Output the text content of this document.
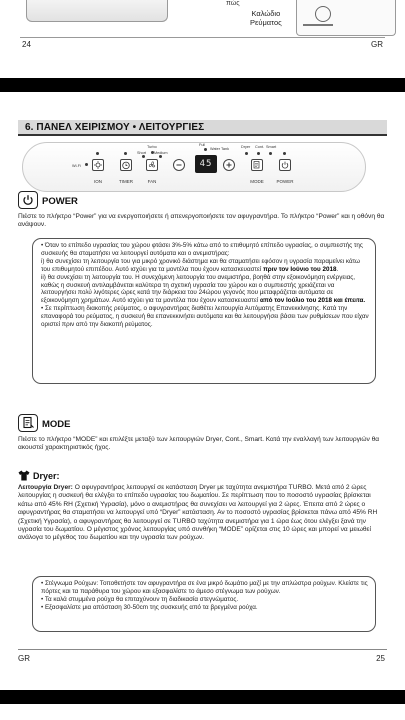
πώς
Καλώδιο
Ρεύματος
24	GR
6. ΠΑΝΕΛ ΧΕΙΡΙΣΜΟΥ • ΛΕΙΤΟΥΡΓΙΕΣ
Wi-Fi
ION	TIMER
Turbo
Short Medium
FAN
Full
Water Tank
45
Dryer Cont. Smart
MODE	POWER
POWER
Πιέστε το πλήκτρο “Power” για να ενεργοποιήσετε ή απενεργοποιήσετε τον αφυγραντήρα. Το πλήκτρο “Power” και η οθόνη θα ανάψουν.

• Όταν το επίπεδο υγρασίας του χώρου φτάσει 3%-5% κάτω από το επιθυμητό επίπεδο υγρασίας, ο συμπιεστής της συσκευής θα σταματήσει να λειτουργεί αυτόματα και ο ανεμιστήρας:

i) θα συνεχίσει τη λειτουργία του για μικρό χρονικό διάστημα και θα σταματήσει εφόσον η υγρασία παραμείνει κάτω του επιθυμητού επιπέδου. Αυτό ισχύει για τα μοντέλα που έχουν κατασκευαστεί πριν τον Ιούνιο του 2018.

ii) θα συνεχίσει τη λειτουργία του. Η συνεχόμενη λειτουργία του ανεμιστήρα, βοηθά στην εξοικονόμηση ενέργειας, καθώς η συσκευή αντιλαμβάνεται καλύτερα τη σχετική υγρασία του χώρου και ο συμπιεστής χρειάζεται να λειτουργήσει πολύ λιγότερες ώρες κατά την διάρκεια του 24ώρου γεγονός που μεταφράζεται αυτόματα σε εξοικονόμηση χρημάτων. Αυτό ισχύει για τα μοντέλα που έχουν κατασκευαστεί από τον Ιούλιο του 2018 και έπειτα.

• Σε περίπτωση διακοπής ρεύματος, ο αφυγραντήρας διαθέτει λειτουργία Αυτόματης Επανεκκίνησης. Κατά την επαναφορά του ρεύματος, η συσκευή θα επανεκκινήσει αυτόματα και θα λειτουργήσει βάσει των ρυθμίσεων που είχαν οριστεί πριν από την διακοπή ρεύματος.

MODE
Πιέστε το πλήκτρο “MODE” και επιλέξτε μεταξύ των λειτουργιών Dryer, Cont., Smart. Κατά την εναλλαγή των λειτουργιών θα ακουστεί χαρακτηριστικός ήχος.
Dryer:
Λειτουργία Dryer: Ο αφυγραντήρας λειτουργεί σε κατάσταση Dryer με ταχύτητα ανεμιστήρα TURBO. Μετά από 2 ώρες λειτουργίας η συσκευή θα ελέγξει το επίπεδο υγρασίας του δωματίου. Σε περίπτωση που το ποσοστό υγρασίας βρίσκεται κάτω από 45% RH (Σχετική Υγρασία), μόνο ο ανεμιστήρας θα συνεχίσει να λειτουργεί για 2 ώρες. Έπειτα από 2 ώρες ο αφυγραντήρας θα σταματήσει να λειτουργεί υπό “Dryer” κατάσταση. Αν το ποσοστό υγρασίας βρίσκεται πάνω από 45% RH (Σχετική Υγρασία), ο αφυγραντήρας θα λειτουργεί σε TURBO ταχύτητα ανεμιστήρα για 1 ώρα έως ότου ελέγξει ξανά την υγρασία του δωματίου. Ο μέγιστος χρόνος λειτουργίας υπό συνθήκη “MODE” ορίζεται στις 10 ώρες και μπορεί να μειωθεί ανάλογα το μέγεθος του δωματίου και την υγρασία των ρούχων.

• Στέγνωμα Ρούχων: Τοποθετήστε τον αφυγραντήρα σε ένα μικρό δωμάτιο μαζί με την απλώστρα ρούχων. Κλείστε τις πόρτες και τα παράθυρα του χώρου και εξασφαλίστε το άμεσο στέγνωμα των ρούχων.

• Τα καλά στυμμένα ρούχα θα επιταχύνουν τη διαδικασία στεγνώματος.

• Εξασφαλίστε μια απόσταση 30-50cm της συσκευής από τα βρεγμένα ρούχα.

GR	25
